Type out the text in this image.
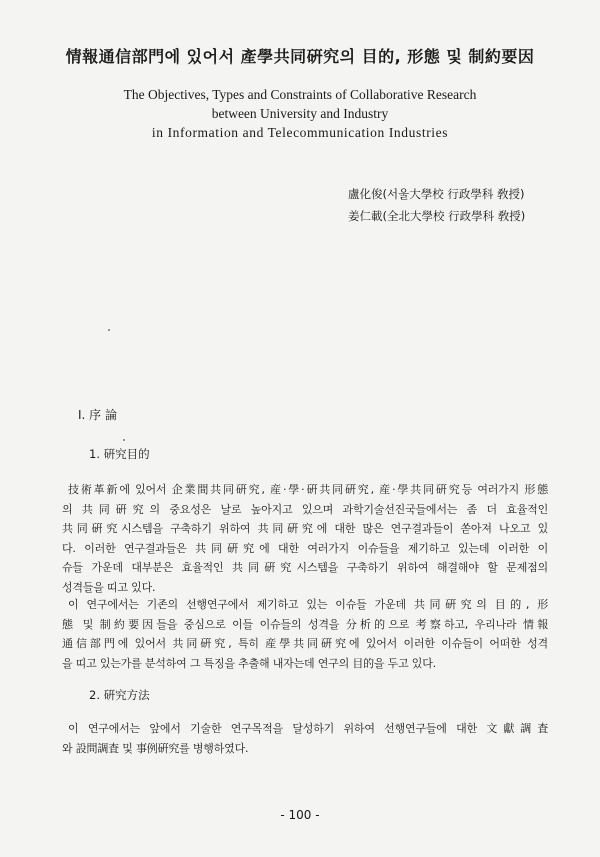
情報通信部門에 있어서 產學共同硏究의 目的, 形態 및 制約要因
The Objectives, Types and Constraints of Collaborative Research
between University and Industry
in Information and Telecommunication Industries
盧化俊(서울大學校 行政學科 敎授)
姜仁載(全北大學校 行政學科 敎授)
Ⅰ. 序 論
1. 硏究目的
技術革新에 있어서 企業間共同硏究, 産·學·硏共同硏究, 産·學共同硏究등 여러가지 形態
의 共同硏究의 중요성은 날로 높아지고 있으며 과학기술선진국들에서는 좀 더 효율적인
共同硏究시스템을 구축하기 위하여 共同硏究에 대한 많은 연구결과들이 쏟아져 나오고 있
다. 이러한 연구결과들은 共同硏究에 대한 여러가지 이슈들을 제기하고 있는데 이러한 이
슈들 가운데 대부분은 효율적인 共同硏究시스템을 구축하기 위하여 해결해야 할 문제점의
성격들을 띠고 있다.
이 연구에서는 기존의 선행연구에서 제기하고 있는 이슈들 가운데 共同硏究의 目的, 形
態 및 制約要因들을 중심으로 이들 이슈들의 성격을 分析的으로 考察하고, 우리나라 情報
通信部門에 있어서 共同硏究, 특히 産學共同硏究에 있어서 이러한 이슈들이 어떠한 성격
을 띠고 있는가를 분석하여 그 특징을 추출해 내자는데 연구의 目的을 두고 있다.
2. 硏究方法
이 연구에서는 앞에서 기술한 연구목적을 달성하기 위하여 선행연구들에 대한 文獻調査
와 設問調査 및 事例硏究를 병행하였다.
- 100 -
